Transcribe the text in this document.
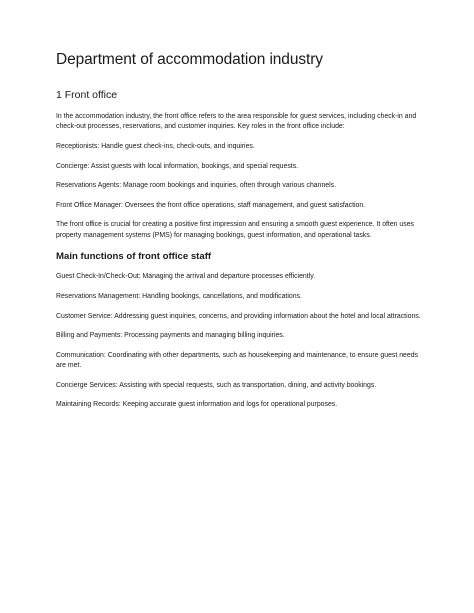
Department of accommodation industry
1 Front office

In the accommodation industry, the front office refers to the area responsible for guest services, including check-in and check-out processes, reservations, and customer inquiries. Key roles in the front office include:

Receptionists: Handle guest check-ins, check-outs, and inquiries.

Concierge: Assist guests with local information, bookings, and special requests.

Reservations Agents: Manage room bookings and inquiries, often through various channels.

Front Office Manager: Oversees the front office operations, staff management, and guest satisfaction.

The front office is crucial for creating a positive first impression and ensuring a smooth guest experience. It often uses property management systems (PMS) for managing bookings, guest information, and operational tasks.

Main functions of front office staff

Guest Check-In/Check-Out: Managing the arrival and departure processes efficiently.

Reservations Management: Handling bookings, cancellations, and modifications.

Customer Service: Addressing guest inquiries, concerns, and providing information about the hotel and local attractions.

Billing and Payments: Processing payments and managing billing inquiries.

Communication: Coordinating with other departments, such as housekeeping and maintenance, to ensure guest needs are met.

Concierge Services: Assisting with special requests, such as transportation, dining, and activity bookings.

Maintaining Records: Keeping accurate guest information and logs for operational purposes.
